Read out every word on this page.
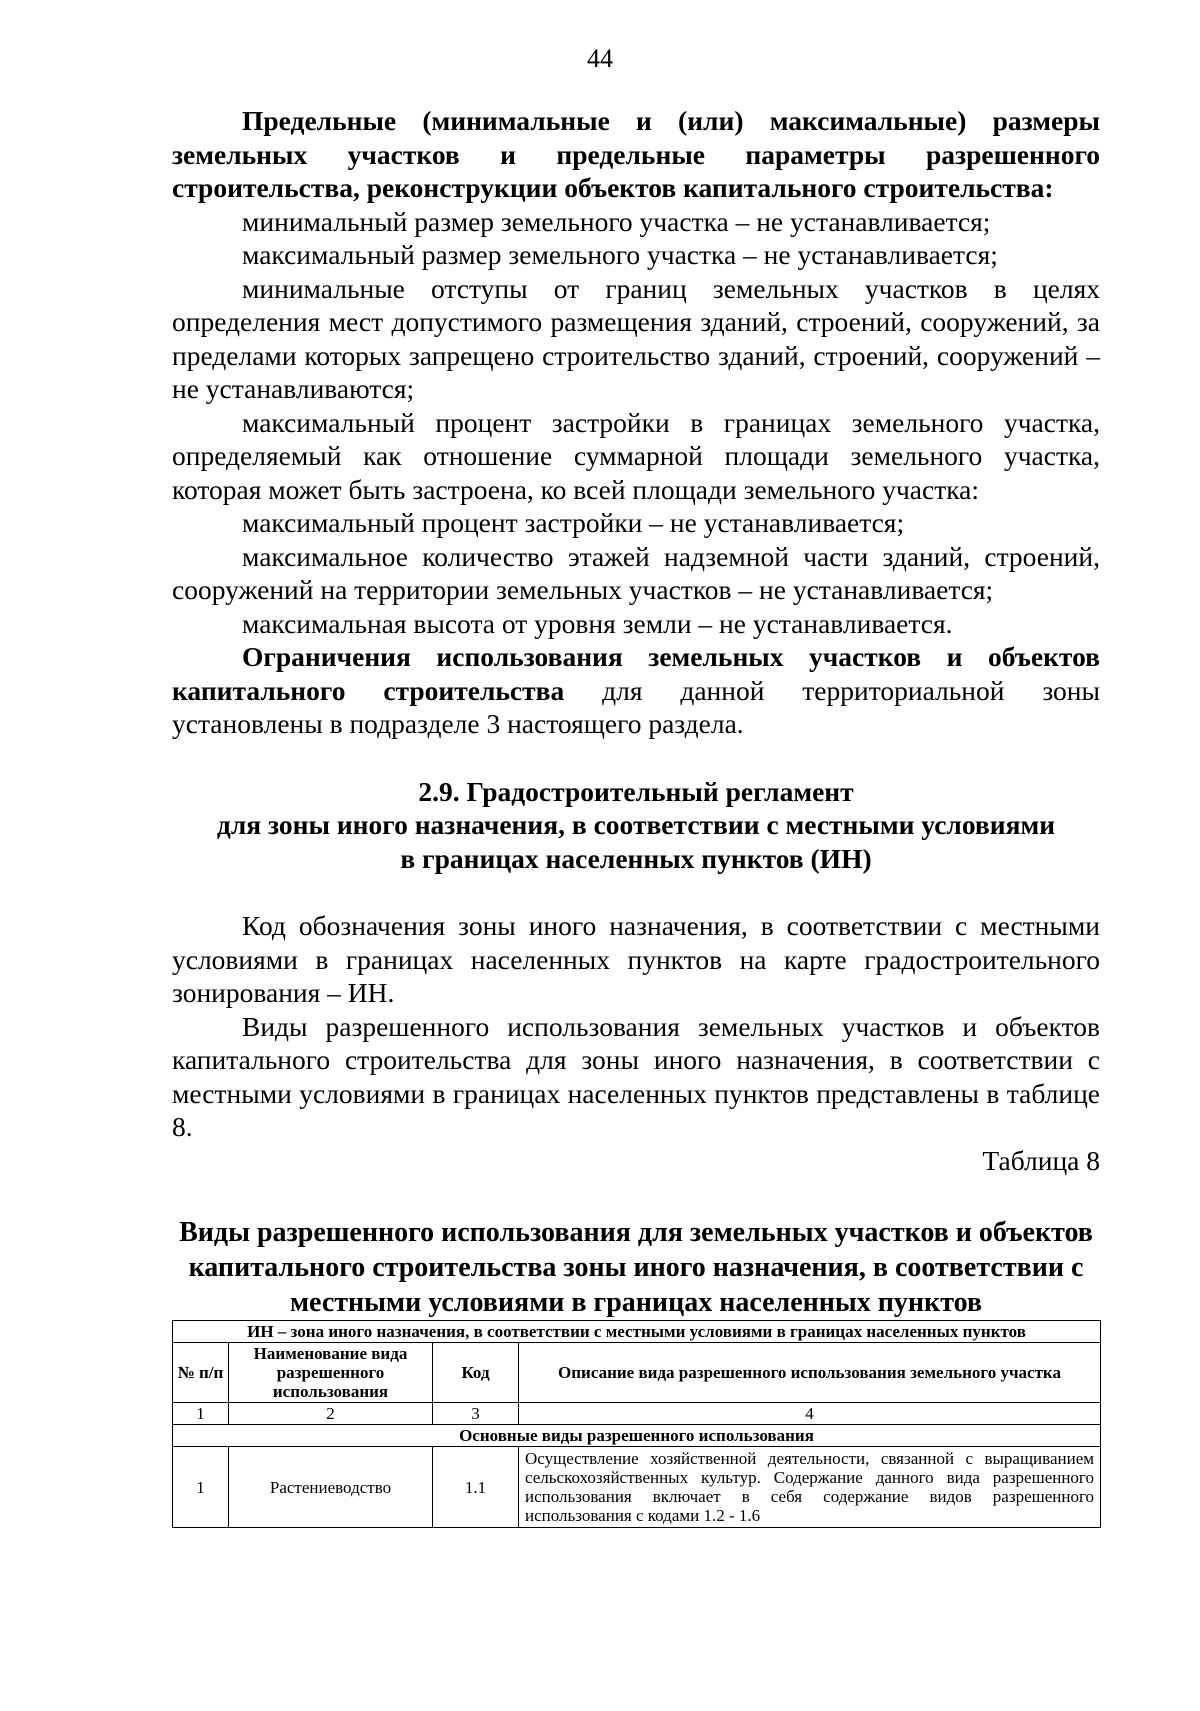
44

Предельные (минимальные и (или) максимальные) размеры земельных участков и предельные параметры разрешенного строительства, реконструкции объектов капитального строительства:

минимальный размер земельного участка – не устанавливается;

максимальный размер земельного участка – не устанавливается;

минимальные отступы от границ земельных участков в целях определения мест допустимого размещения зданий, строений, сооружений, за пределами которых запрещено строительство зданий, строений, сооружений – не устанавливаются;

максимальный процент застройки в границах земельного участка, определяемый как отношение суммарной площади земельного участка, которая может быть застроена, ко всей площади земельного участка:

максимальный процент застройки – не устанавливается;

максимальное количество этажей надземной части зданий, строений, сооружений на территории земельных участков – не устанавливается;

максимальная высота от уровня земли – не устанавливается.

Ограничения использования земельных участков и объектов капитального строительства для данной территориальной зоны установлены в подразделе 3 настоящего раздела.

2.9. Градостроительный регламент
для зоны иного назначения, в соответствии с местными условиями
в границах населенных пунктов (ИН)

Код обозначения зоны иного назначения, в соответствии с местными условиями в границах населенных пунктов на карте градостроительного зонирования – ИН.

Виды разрешенного использования земельных участков и объектов капитального строительства для зоны иного назначения, в соответствии с местными условиями в границах населенных пунктов представлены в таблице 8.

Таблица 8

Виды разрешенного использования для земельных участков и объектов капитального строительства зоны иного назначения, в соответствии с местными условиями в границах населенных пунктов

ИН – зона иного назначения, в соответствии с местными условиями в границах населенных пунктов			
№ п/п	Наименование вида разрешенного использования	Код	Описание вида разрешенного использования земельного участка
1	2	3	4
Основные виды разрешенного использования			
1	Растениеводство	1.1	Осуществление хозяйственной деятельности, связанной с выращиванием сельскохозяйственных культур. Содержание данного вида разрешенного использования включает в себя содержание видов разрешенного использования с кодами 1.2 - 1.6
